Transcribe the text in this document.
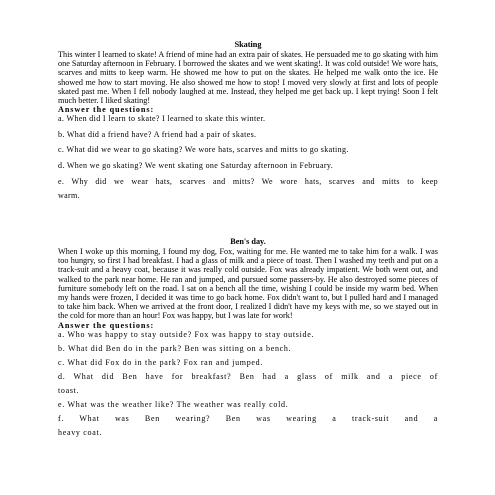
Skating

This winter I learned to skate! A friend of mine had an extra pair of skates. He persuaded me to go skating with him one Saturday afternoon in February. I borrowed the skates and we went skating!. It was cold outside! We wore hats, scarves and mitts to keep warm. He showed me how to put on the skates. He helped me walk onto the ice. He showed me how to start moving. He also showed me how to stop! I moved very slowly at first and lots of people skated past me. When I fell nobody laughed at me. Instead, they helped me get back up. I kept trying! Soon I felt much better. I liked skating!

Answer the questions:

a. When did I learn to skate? I learned to skate this winter.

b. What did a friend have? A friend had a pair of skates.

c. What did we wear to go skating? We wore hats, scarves and mitts to go skating.

d. When we go skating? We went skating one Saturday afternoon in February.

e. Why did we wear hats, scarves and mitts? We wore hats, scarves and mitts to keep

warm.

Ben's day.

When I woke up this morning, I found my dog, Fox, waiting for me. He wanted me to take him for a walk. I was too hungry, so first I had breakfast. I had a glass of milk and a piece of toast. Then I washed my teeth and put on a track-suit and a heavy coat, because it was really cold outside. Fox was already impatient. We both went out, and walked to the park near home. He ran and jumped, and pursued some passers-by. He also destroyed some pieces of furniture somebody left on the road. I sat on a bench all the time, wishing I could be inside my warm bed. When my hands were frozen, I decided it was time to go back home. Fox didn't want to, but I pulled hard and I managed to take him back. When we arrived at the front door, I realized I didn't have my keys with me, so we stayed out in the cold for more than an hour! Fox was happy, but I was late for work!

Answer the questions:

a. Who was happy to stay outside? Fox was happy to stay outside.

b. What did Ben do in the park? Ben was sitting on a bench.

c. What did Fox do in the park? Fox ran and jumped.

d. What did Ben have for breakfast? Ben had a glass of milk and a piece of

toast.

e. What was the weather like? The weather was really cold.

f. What was Ben wearing? Ben was wearing a track-suit and a

heavy coat.
